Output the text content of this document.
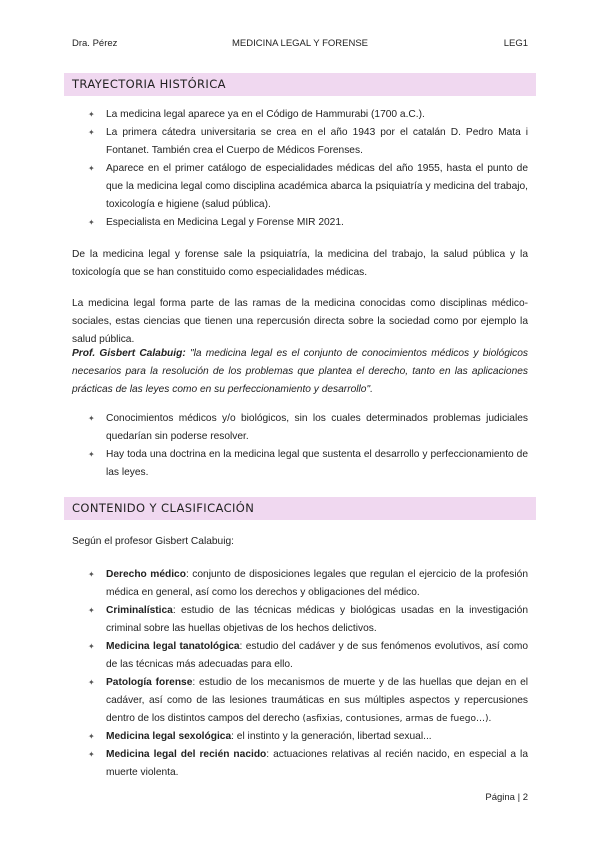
Dra. Pérez	MEDICINA LEGAL Y FORENSE	LEG1
TRAYECTORIA HISTÓRICA
✦ La medicina legal aparece ya en el Código de Hammurabi (1700 a.C.).
✦ La primera cátedra universitaria se crea en el año 1943 por el catalán D. Pedro Mata i Fontanet. También crea el Cuerpo de Médicos Forenses.
✦ Aparece en el primer catálogo de especialidades médicas del año 1955, hasta el punto de que la medicina legal como disciplina académica abarca la psiquiatría y medicina del trabajo, toxicología e higiene (salud pública).
✦ Especialista en Medicina Legal y Forense MIR 2021.

De la medicina legal y forense sale la psiquiatría, la medicina del trabajo, la salud pública y la toxicología que se han constituido como especialidades médicas.

La medicina legal forma parte de las ramas de la medicina conocidas como disciplinas médico-sociales, estas ciencias que tienen una repercusión directa sobre la sociedad como por ejemplo la salud pública.

Prof. Gisbert Calabuig: "la medicina legal es el conjunto de conocimientos médicos y biológicos necesarios para la resolución de los problemas que plantea el derecho, tanto en las aplicaciones prácticas de las leyes como en su perfeccionamiento y desarrollo".

✦ Conocimientos médicos y/o biológicos, sin los cuales determinados problemas judiciales quedarían sin poderse resolver.
✦ Hay toda una doctrina en la medicina legal que sustenta el desarrollo y perfeccionamiento de las leyes.
CONTENIDO Y CLASIFICACIÓN

Según el profesor Gisbert Calabuig:

✦ Derecho médico: conjunto de disposiciones legales que regulan el ejercicio de la profesión médica en general, así como los derechos y obligaciones del médico.
✦ Criminalística: estudio de las técnicas médicas y biológicas usadas en la investigación criminal sobre las huellas objetivas de los hechos delictivos.
✦ Medicina legal tanatológica: estudio del cadáver y de sus fenómenos evolutivos, así como de las técnicas más adecuadas para ello.
✦ Patología forense: estudio de los mecanismos de muerte y de las huellas que dejan en el cadáver, así como de las lesiones traumáticas en sus múltiples aspectos y repercusiones dentro de los distintos campos del derecho (asfixias, contusiones, armas de fuego…).
✦ Medicina legal sexológica: el instinto y la generación, libertad sexual...
✦ Medicina legal del recién nacido: actuaciones relativas al recién nacido, en especial a la muerte violenta.
Página | 2
